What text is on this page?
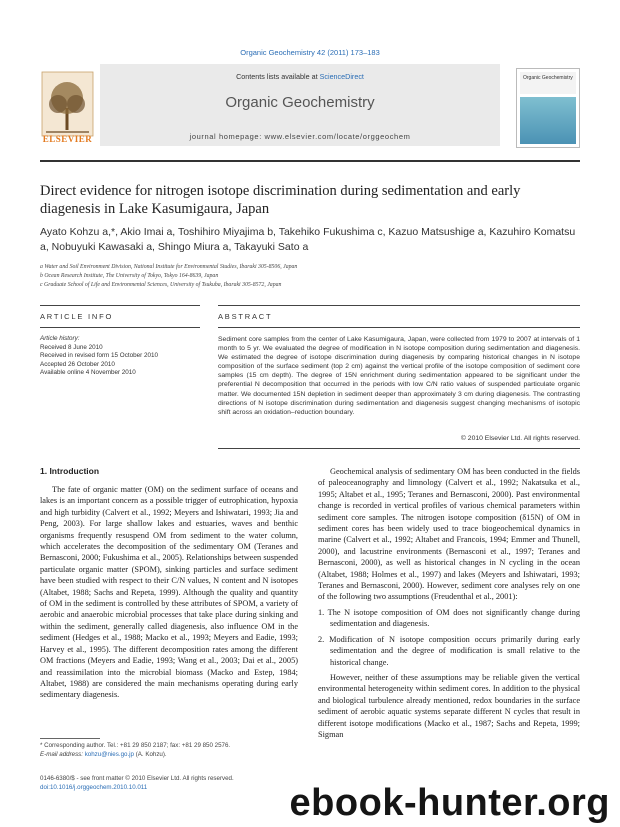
Organic Geochemistry 42 (2011) 173–183
ELSEVIER
Contents lists available at ScienceDirect
Organic Geochemistry
journal homepage: www.elsevier.com/locate/orggeochem
Organic Geochemistry
Direct evidence for nitrogen isotope discrimination during sedimentation and early diagenesis in Lake Kasumigaura, Japan
Ayato Kohzu a,*, Akio Imai a, Toshihiro Miyajima b, Takehiko Fukushima c, Kazuo Matsushige a, Kazuhiro Komatsu a, Nobuyuki Kawasaki a, Shingo Miura a, Takayuki Sato a
a Water and Soil Environment Division, National Institute for Environmental Studies, Ibaraki 305-8506, Japan
b Ocean Research Institute, The University of Tokyo, Tokyo 164-8639, Japan
c Graduate School of Life and Environmental Sciences, University of Tsukuba, Ibaraki 305-8572, Japan
ARTICLE INFO	ABSTRACT
Article history:
Received 8 June 2010
Received in revised form 15 October 2010
Accepted 26 October 2010
Available online 4 November 2010
Sediment core samples from the center of Lake Kasumigaura, Japan, were collected from 1979 to 2007 at intervals of 1 month to 5 yr. We evaluated the degree of modification in N isotope composition during sedimentation and diagenesis. We estimated the degree of isotope discrimination during diagenesis by comparing historical changes in N isotope composition of the surface sediment (top 2 cm) against the vertical profile of the isotope composition of sediment core samples (15 cm depth). The degree of 15N enrichment during sedimentation appeared to be significant under the preferential N decomposition that occurred in the periods with low C/N ratio values of suspended particulate organic matter. We documented 15N depletion in sediment deeper than approximately 3 cm during diagenesis. The contrasting directions of N isotope discrimination during sedimentation and diagenesis suggest changing mechanisms of isotopic shift across an oxidation–reduction boundary.
© 2010 Elsevier Ltd. All rights reserved.
1. Introduction

The fate of organic matter (OM) on the sediment surface of oceans and lakes is an important concern as a possible trigger of eutrophication, hypoxia and high turbidity (Calvert et al., 1992; Meyers and Ishiwatari, 1993; Jia and Peng, 2003). For large shallow lakes and estuaries, waves and benthic organisms frequently resuspend OM from sediment to the water column, which accelerates the decomposition of the sedimentary OM (Teranes and Bernasconi, 2000; Fukushima et al., 2005). Relationships between suspended particulate organic matter (SPOM), sinking particles and surface sediment have been studied with respect to their C/N values, N content and N isotopes (Altabet, 1988; Sachs and Repeta, 1999). Although the quality and quantity of OM in the sediment is controlled by these attributes of SPOM, a variety of aerobic and anaerobic microbial processes that take place during sinking and within the sediment, generally called diagenesis, also influence OM in the sediment (Hedges et al., 1988; Macko et al., 1993; Meyers and Eadie, 1993; Harvey et al., 1995). The different decomposition rates among the different OM fractions (Meyers and Eadie, 1993; Wang et al., 2003; Dai et al., 2005) and reassimilation into the microbial biomass (Macko and Estep, 1984; Altabet, 1988) are considered the main mechanisms operating during early sedimentary diagenesis.

Geochemical analysis of sedimentary OM has been conducted in the fields of paleoceanography and limnology (Calvert et al., 1992; Nakatsuka et al., 1995; Altabet et al., 1995; Teranes and Bernasconi, 2000). Past environmental change is recorded in vertical profiles of various chemical parameters within sediment core samples. The nitrogen isotope composition (δ15N) of OM in sediment cores has been widely used to trace biogeochemical dynamics in marine (Calvert et al., 1992; Altabet and Francois, 1994; Emmer and Thunell, 2000), and lacustrine environments (Bernasconi et al., 1997; Teranes and Bernasconi, 2000), as well as historical changes in N cycling in the ocean (Altabet, 1988; Holmes et al., 1997) and lakes (Meyers and Ishiwatari, 1993; Teranes and Bernasconi, 2000). However, sediment core analyses rely on one of the following two assumptions (Freudenthal et al., 2001):

1. The N isotope composition of OM does not significantly change during sedimentation and diagenesis.
2. Modification of N isotope composition occurs primarily during early sedimentation and the degree of modification is small relative to the historical change.

However, neither of these assumptions may be reliable given the vertical environmental heterogeneity within sediment cores. In addition to the physical and biological turbulence already mentioned, redox boundaries in the surface sediment of aerobic aquatic systems separate different N cycles that result in different isotope modifications (Macko et al., 1987; Sachs and Repeta, 1999; Sigman

* Corresponding author. Tel.: +81 29 850 2187; fax: +81 29 850 2576.
E-mail address: kohzu@nies.go.jp (A. Kohzu).
0146-6380/$ - see front matter © 2010 Elsevier Ltd. All rights reserved.
doi:10.1016/j.orggeochem.2010.10.011	ebook-hunter.org
